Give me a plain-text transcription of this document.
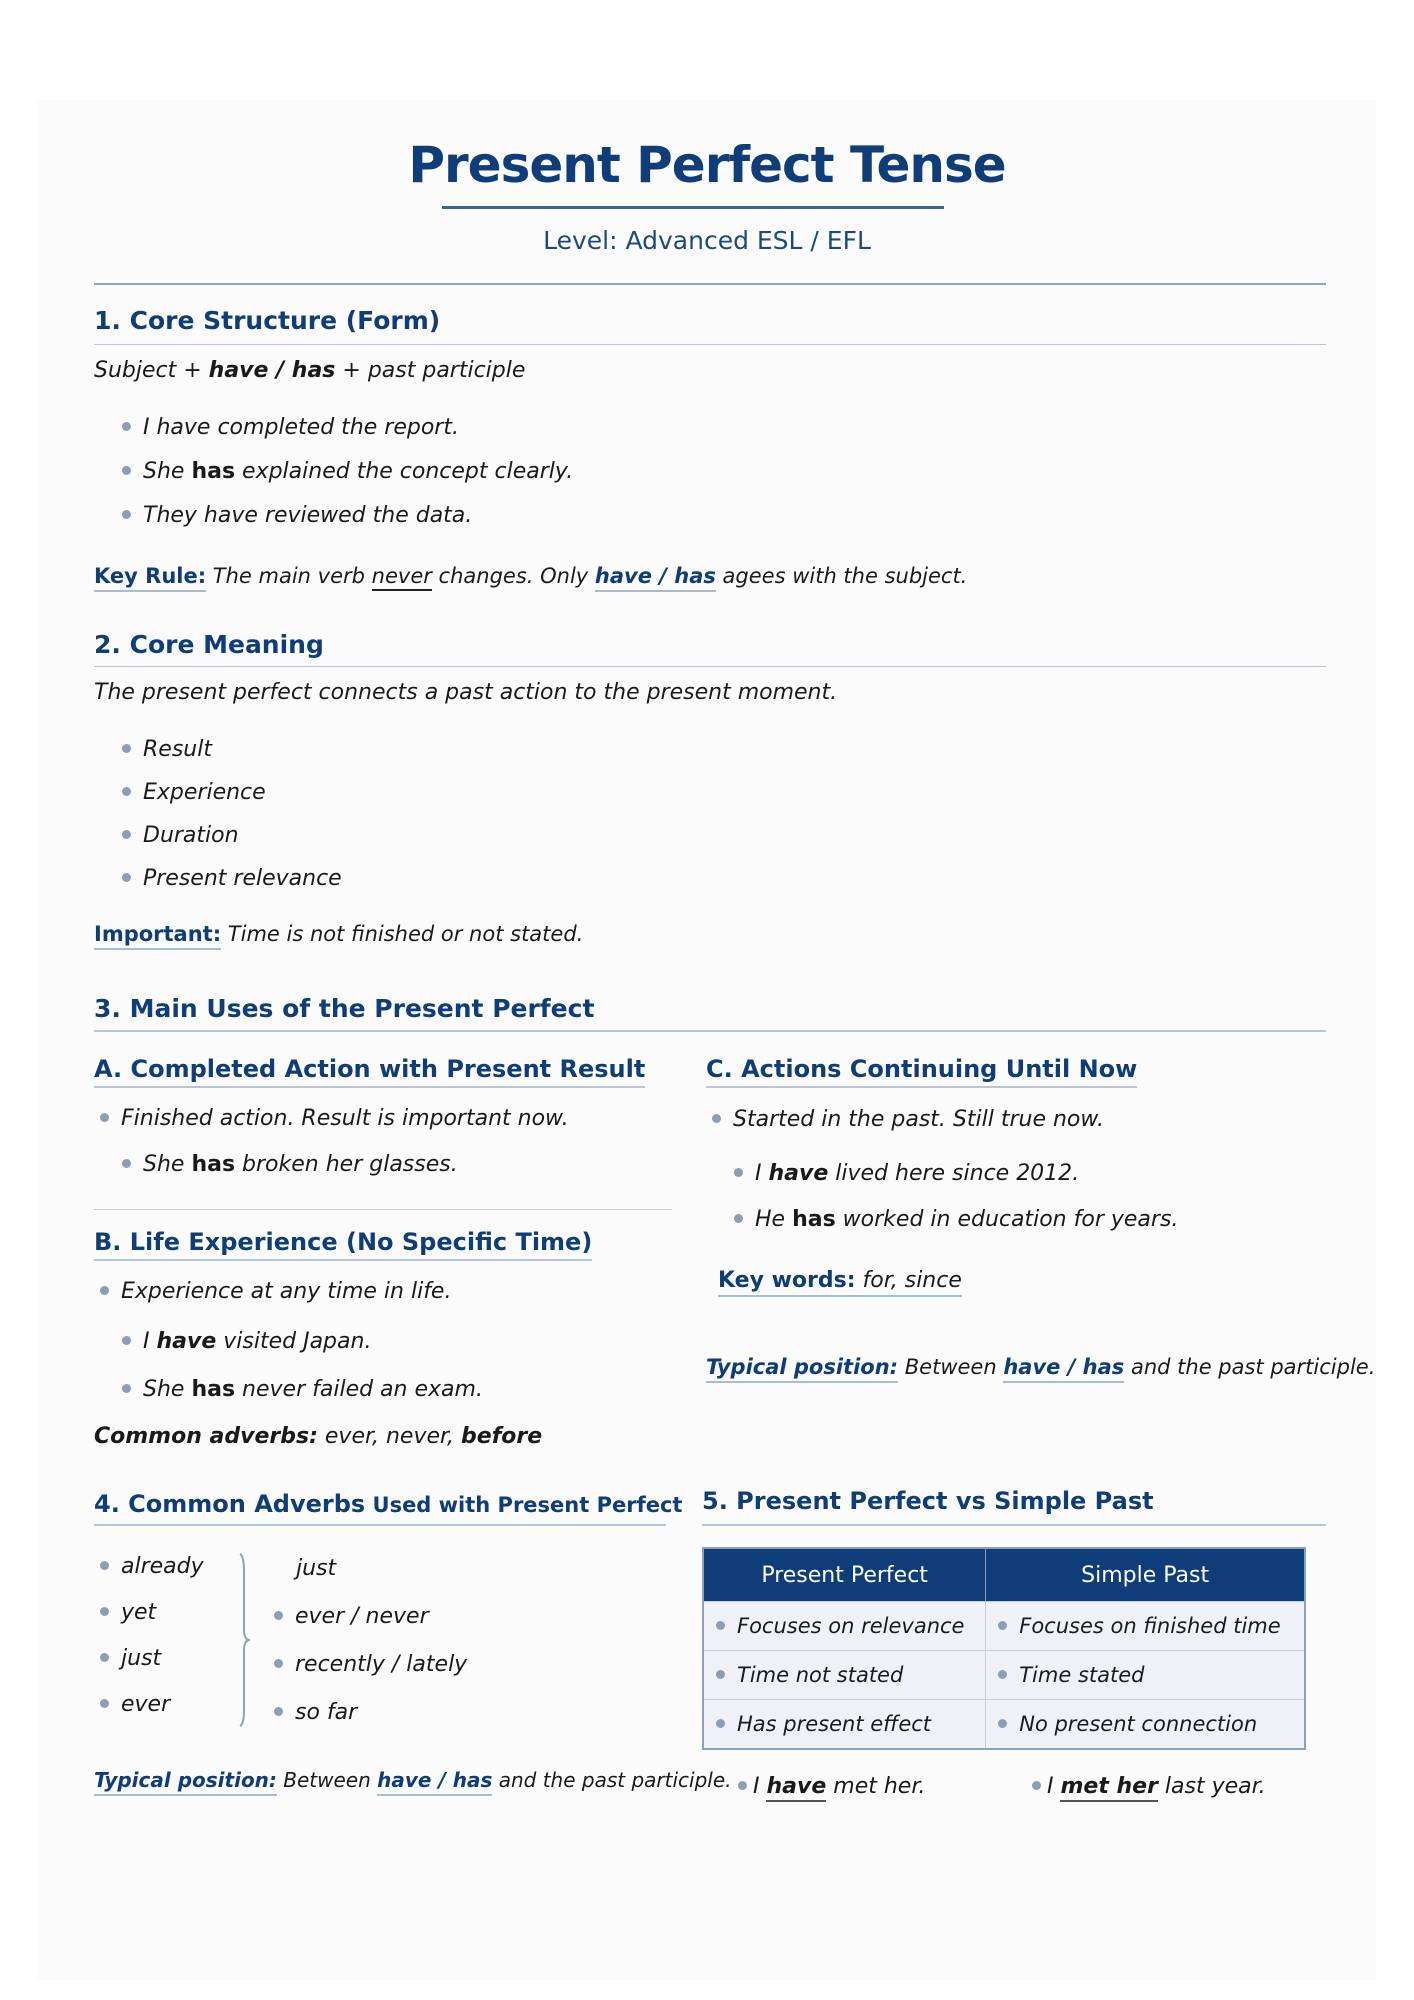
Present Perfect Tense
Level: Advanced ESL / EFL
1. Core Structure (Form)
Subject + have / has + past participle
I have completed the report.
She has explained the concept clearly.
They have reviewed the data.
Key Rule: The main verb never changes. Only have / has agees with the subject.
2. Core Meaning
The present perfect connects a past action to the present moment.
Result
Experience
Duration
Present relevance
Important: Time is not finished or not stated.
3. Main Uses of the Present Perfect
A. Completed Action with Present Result
Finished action. Result is important now.
She has broken her glasses.
B. Life Experience (No Specific Time)
Experience at any time in life.
I have visited Japan.
She has never failed an exam.
Common adverbs: ever, never, before
C. Actions Continuing Until Now
Started in the past. Still true now.
I have lived here since 2012.
He has worked in education for years.
Key words: for, since
Typical position: Between have / has and the past participle.
4. Common Adverbs Used with Present Perfect
already
yet
just
ever
just
ever / never
recently / lately
so far
Typical position: Between have / has and the past participle.
5. Present Perfect vs Simple Past
Present Perfect	Simple Past
Focuses on relevance	Focuses on finished time
Time not stated	Time stated
Has present effect	No present connection
I have met her.	I met her last year.
